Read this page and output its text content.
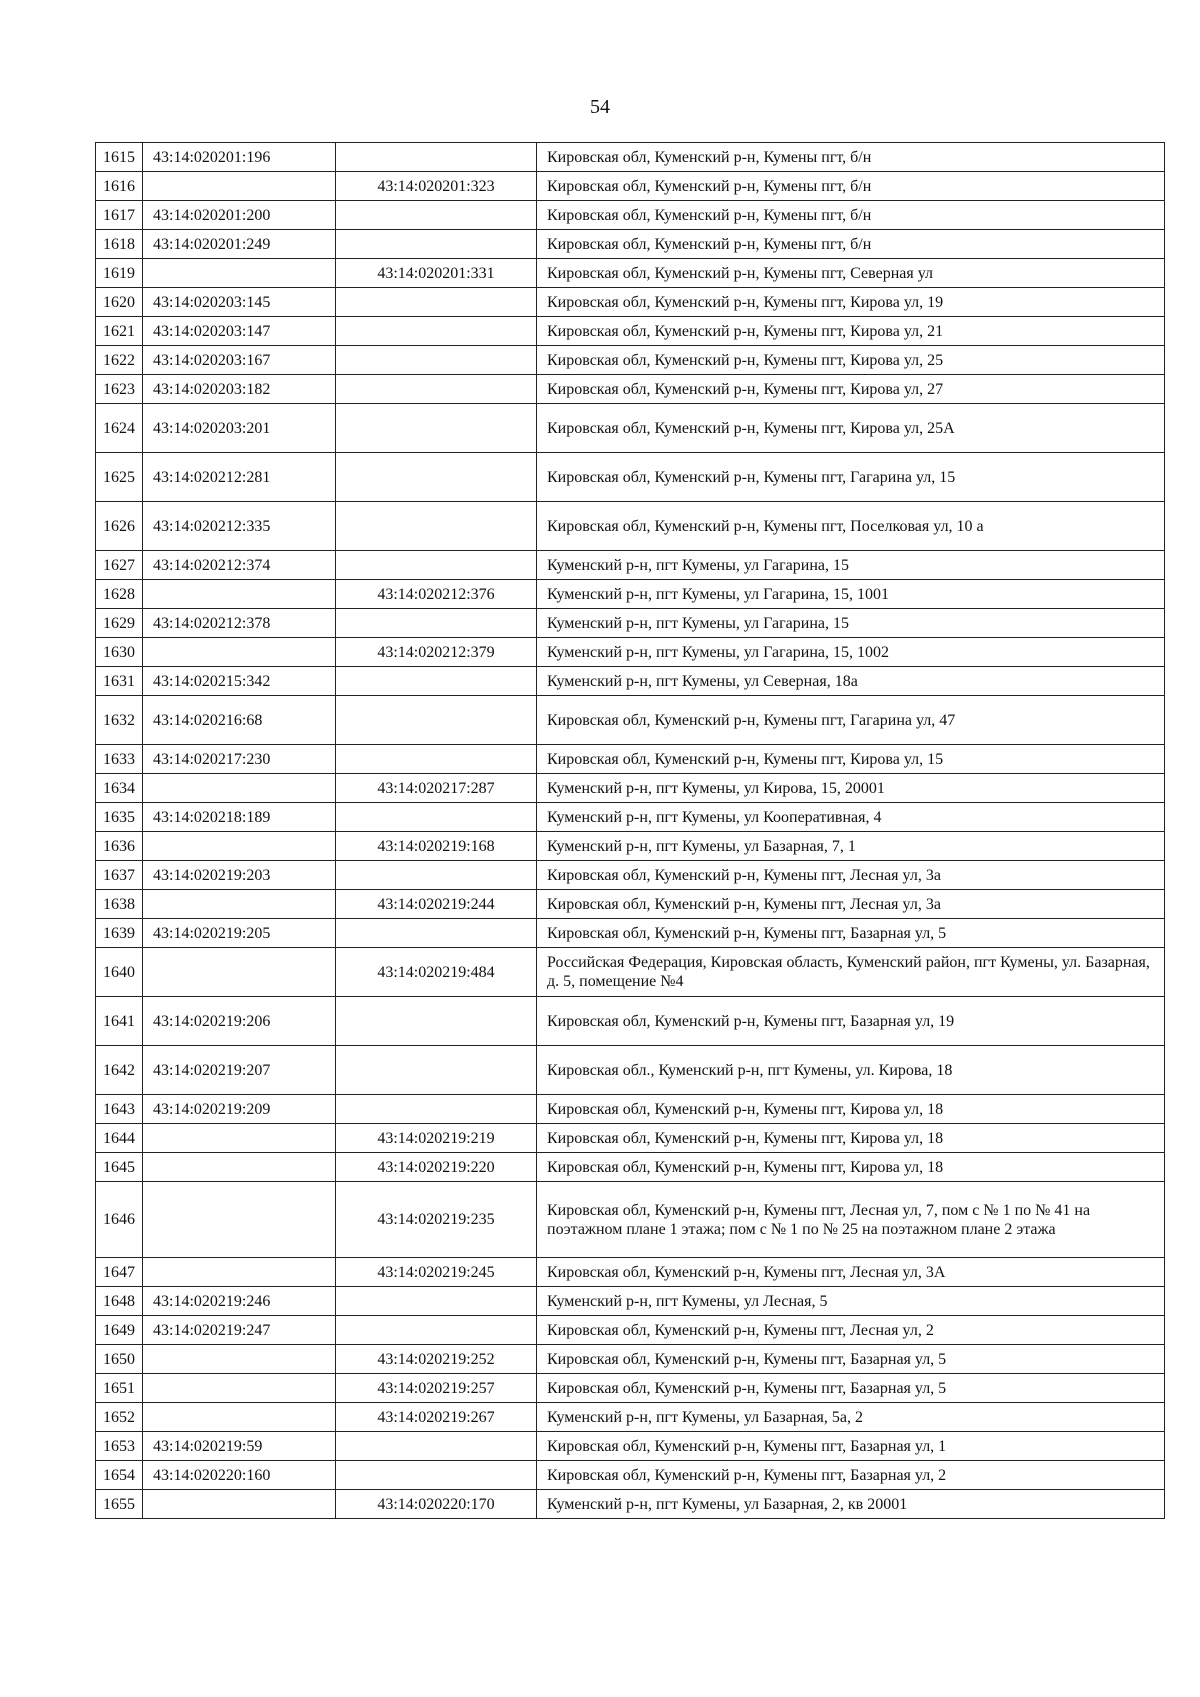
54
1615	43:14:020201:196		Кировская обл, Куменский р-н, Кумены пгт, б/н
1616		43:14:020201:323	Кировская обл, Куменский р-н, Кумены пгт, б/н
1617	43:14:020201:200		Кировская обл, Куменский р-н, Кумены пгт, б/н
1618	43:14:020201:249		Кировская обл, Куменский р-н, Кумены пгт, б/н
1619		43:14:020201:331	Кировская обл, Куменский р-н, Кумены пгт, Северная ул
1620	43:14:020203:145		Кировская обл, Куменский р-н, Кумены пгт, Кирова ул, 19
1621	43:14:020203:147		Кировская обл, Куменский р-н, Кумены пгт, Кирова ул, 21
1622	43:14:020203:167		Кировская обл, Куменский р-н, Кумены пгт, Кирова ул, 25
1623	43:14:020203:182		Кировская обл, Куменский р-н, Кумены пгт, Кирова ул, 27
1624	43:14:020203:201		Кировская обл, Куменский р-н, Кумены пгт, Кирова ул, 25А
1625	43:14:020212:281		Кировская обл, Куменский р-н, Кумены пгт, Гагарина ул, 15
1626	43:14:020212:335		Кировская обл, Куменский р-н, Кумены пгт, Поселковая ул, 10 а
1627	43:14:020212:374		Куменский р-н, пгт Кумены, ул Гагарина, 15
1628		43:14:020212:376	Куменский р-н, пгт Кумены, ул Гагарина, 15, 1001
1629	43:14:020212:378		Куменский р-н, пгт Кумены, ул Гагарина, 15
1630		43:14:020212:379	Куменский р-н, пгт Кумены, ул Гагарина, 15, 1002
1631	43:14:020215:342		Куменский р-н, пгт Кумены, ул Северная, 18а
1632	43:14:020216:68		Кировская обл, Куменский р-н, Кумены пгт, Гагарина ул, 47
1633	43:14:020217:230		Кировская обл, Куменский р-н, Кумены пгт, Кирова ул, 15
1634		43:14:020217:287	Куменский р-н, пгт Кумены, ул Кирова, 15, 20001
1635	43:14:020218:189		Куменский р-н, пгт Кумены, ул Кооперативная, 4
1636		43:14:020219:168	Куменский р-н, пгт Кумены, ул Базарная, 7, 1
1637	43:14:020219:203		Кировская обл, Куменский р-н, Кумены пгт, Лесная ул, 3а
1638		43:14:020219:244	Кировская обл, Куменский р-н, Кумены пгт, Лесная ул, 3а
1639	43:14:020219:205		Кировская обл, Куменский р-н, Кумены пгт, Базарная ул, 5
1640		43:14:020219:484	Российская Федерация, Кировская область, Куменский район, пгт Кумены, ул. Базарная, д. 5, помещение №4
1641	43:14:020219:206		Кировская обл, Куменский р-н, Кумены пгт, Базарная ул, 19
1642	43:14:020219:207		Кировская обл., Куменский р-н, пгт Кумены, ул. Кирова, 18
1643	43:14:020219:209		Кировская обл, Куменский р-н, Кумены пгт, Кирова ул, 18
1644		43:14:020219:219	Кировская обл, Куменский р-н, Кумены пгт, Кирова ул, 18
1645		43:14:020219:220	Кировская обл, Куменский р-н, Кумены пгт, Кирова ул, 18
1646		43:14:020219:235	Кировская обл, Куменский р-н, Кумены пгт, Лесная ул, 7, пом с № 1 по № 41 на поэтажном плане 1 этажа; пом с № 1 по № 25 на поэтажном плане 2 этажа
1647		43:14:020219:245	Кировская обл, Куменский р-н, Кумены пгт, Лесная ул, 3А
1648	43:14:020219:246		Куменский р-н, пгт Кумены, ул Лесная, 5
1649	43:14:020219:247		Кировская обл, Куменский р-н, Кумены пгт, Лесная ул, 2
1650		43:14:020219:252	Кировская обл, Куменский р-н, Кумены пгт, Базарная ул, 5
1651		43:14:020219:257	Кировская обл, Куменский р-н, Кумены пгт, Базарная ул, 5
1652		43:14:020219:267	Куменский р-н, пгт Кумены, ул Базарная, 5а, 2
1653	43:14:020219:59		Кировская обл, Куменский р-н, Кумены пгт, Базарная ул, 1
1654	43:14:020220:160		Кировская обл, Куменский р-н, Кумены пгт, Базарная ул, 2
1655		43:14:020220:170	Куменский р-н, пгт Кумены, ул Базарная, 2, кв 20001
